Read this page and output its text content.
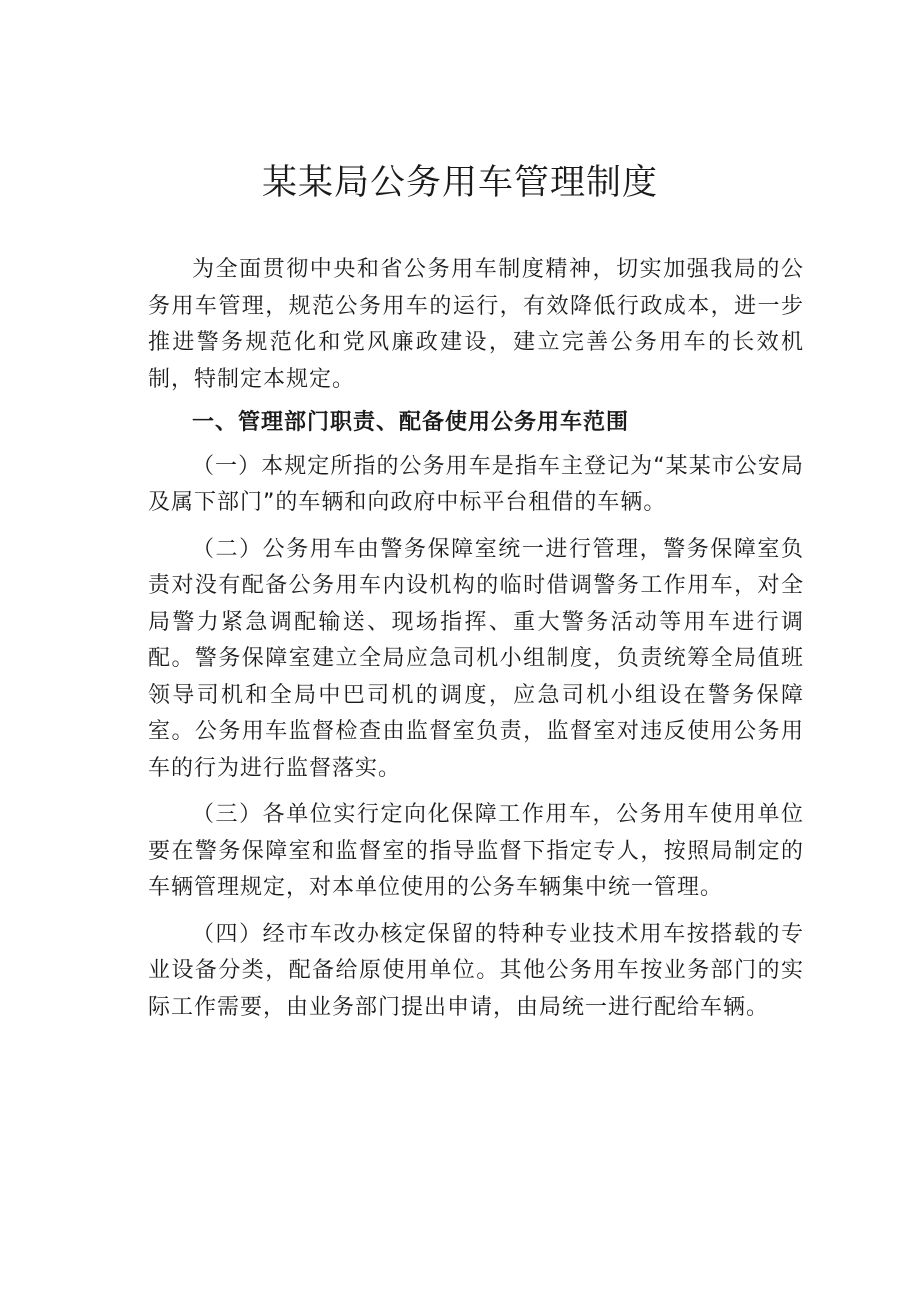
某某局公务用车管理制度

为全面贯彻中央和省公务用车制度精神，切实加强我局的公务用车管理，规范公务用车的运行，有效降低行政成本，进一步推进警务规范化和党风廉政建设，建立完善公务用车的长效机制，特制定本规定。

一、管理部门职责、配备使用公务用车范围

（一）本规定所指的公务用车是指车主登记为“某某市公安局及属下部门”的车辆和向政府中标平台租借的车辆。

（二）公务用车由警务保障室统一进行管理，警务保障室负责对没有配备公务用车内设机构的临时借调警务工作用车，对全局警力紧急调配输送、现场指挥、重大警务活动等用车进行调配。警务保障室建立全局应急司机小组制度，负责统筹全局值班领导司机和全局中巴司机的调度，应急司机小组设在警务保障室。公务用车监督检查由监督室负责，监督室对违反使用公务用车的行为进行监督落实。

（三）各单位实行定向化保障工作用车，公务用车使用单位要在警务保障室和监督室的指导监督下指定专人，按照局制定的车辆管理规定，对本单位使用的公务车辆集中统一管理。

（四）经市车改办核定保留的特种专业技术用车按搭载的专业设备分类，配备给原使用单位。其他公务用车按业务部门的实际工作需要，由业务部门提出申请，由局统一进行配给车辆。
